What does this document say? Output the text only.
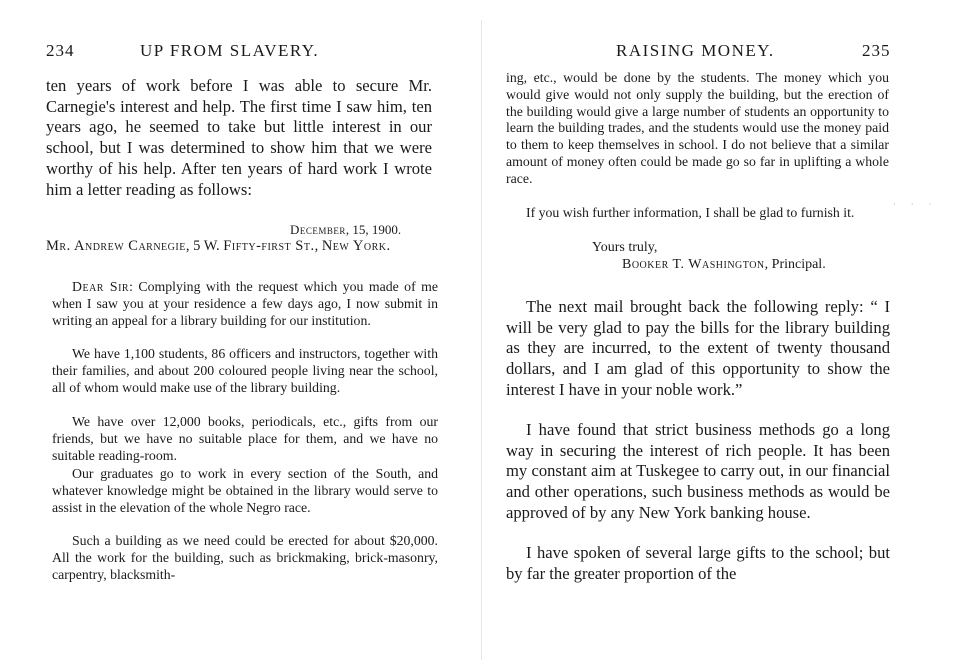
234	UP FROM SLAVERY.

ten years of work before I was able to secure Mr. Carnegie's interest and help. The first time I saw him, ten years ago, he seemed to take but little interest in our school, but I was determined to show him that we were worthy of his help. After ten years of hard work I wrote him a letter reading as follows:

December, 15, 1900.

Mr. Andrew Carnegie, 5 W. Fifty-first St., New York.

Dear Sir: Complying with the request which you made of me when I saw you at your residence a few days ago, I now submit in writing an appeal for a library building for our institution.

We have 1,100 students, 86 officers and instructors, together with their families, and about 200 coloured people living near the school, all of whom would make use of the library building.

We have over 12,000 books, periodicals, etc., gifts from our friends, but we have no suitable place for them, and we have no suitable reading-room.

Our graduates go to work in every section of the South, and whatever knowledge might be obtained in the library would serve to assist in the elevation of the whole Negro race.

Such a building as we need could be erected for about $20,000. All the work for the building, such as brickmaking, brick-masonry, carpentry, blacksmith-

RAISING MONEY.	235

ing, etc., would be done by the students. The money which you would give would not only supply the building, but the erection of the building would give a large number of students an opportunity to learn the building trades, and the students would use the money paid to them to keep themselves in school. I do not believe that a similar amount of money often could be made go so far in uplifting a whole race.

If you wish further information, I shall be glad to furnish it.

Yours truly,
Booker T. Washington, Principal.

The next mail brought back the following reply: “ I will be very glad to pay the bills for the library building as they are incurred, to the extent of twenty thousand dollars, and I am glad of this opportunity to show the interest I have in your noble work.”

I have found that strict business methods go a long way in securing the interest of rich people. It has been my constant aim at Tuskegee to carry out, in our financial and other operations, such business methods as would be approved of by any New York banking house.

I have spoken of several large gifts to the school; but by far the greater proportion of the

· · ·
